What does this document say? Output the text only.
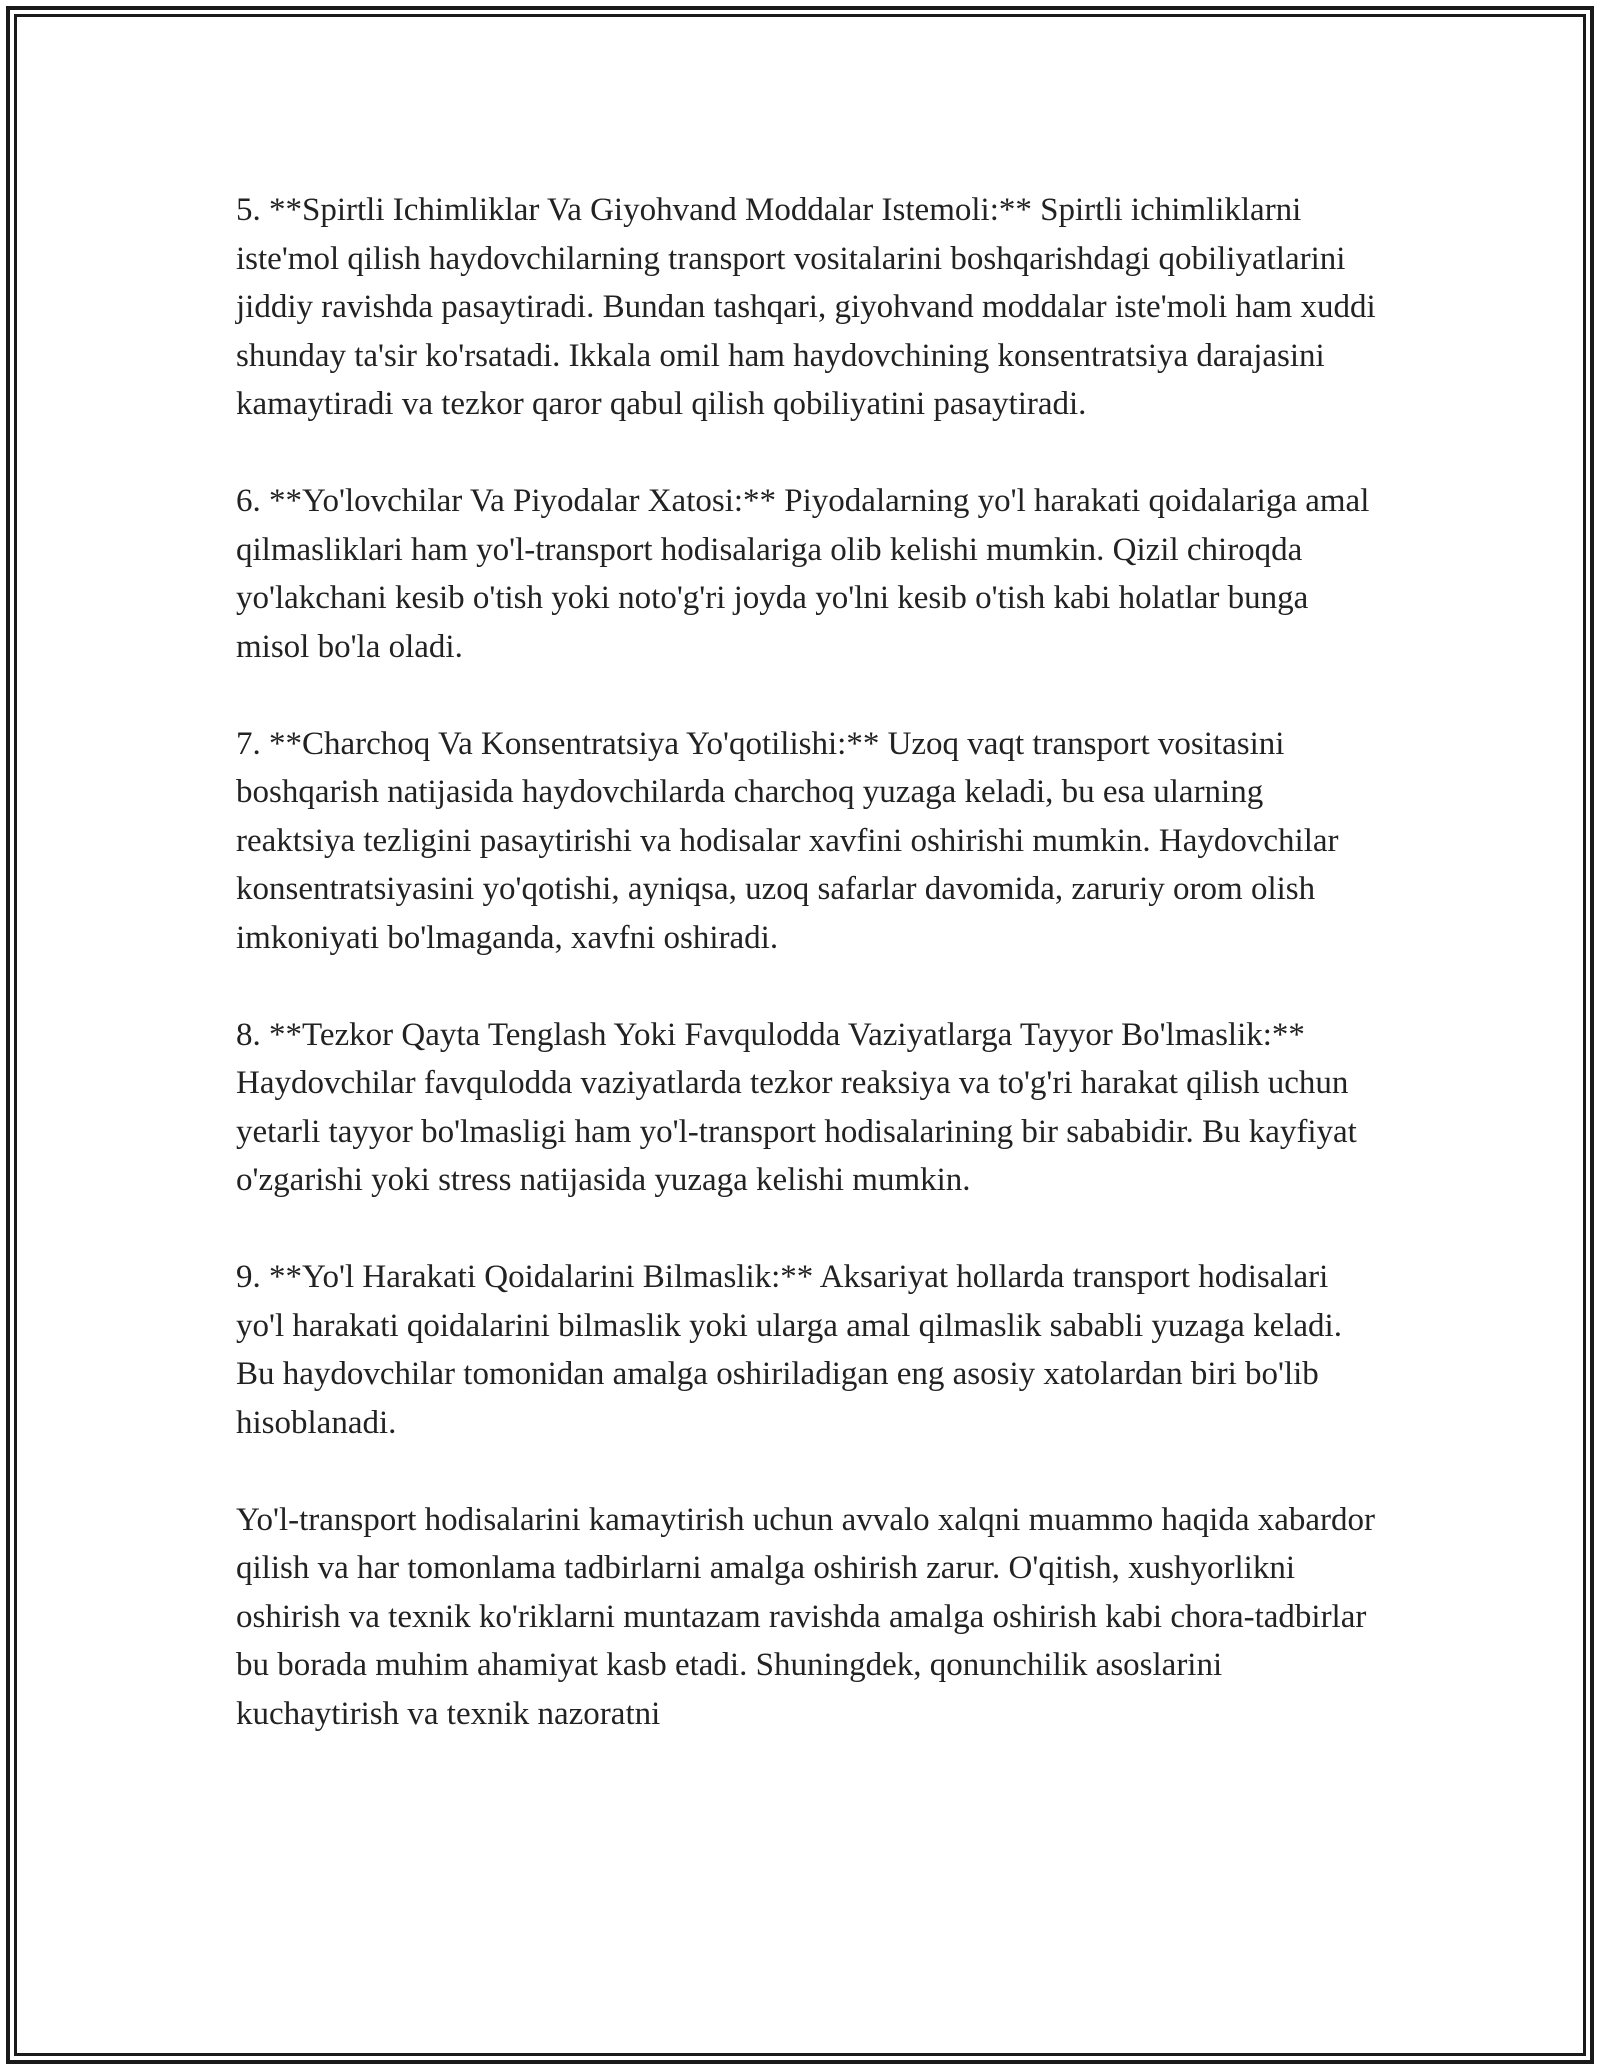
5. **Spirtli Ichimliklar Va Giyohvand Moddalar Istemoli:** Spirtli ichimliklarni iste'mol qilish haydovchilarning transport vositalarini boshqarishdagi qobiliyatlarini jiddiy ravishda pasaytiradi. Bundan tashqari, giyohvand moddalar iste'moli ham xuddi shunday ta'sir ko'rsatadi. Ikkala omil ham haydovchining konsentratsiya darajasini kamaytiradi va tezkor qaror qabul qilish qobiliyatini pasaytiradi.

6. **Yo'lovchilar Va Piyodalar Xatosi:** Piyodalarning yo'l harakati qoidalariga amal qilmasliklari ham yo'l-transport hodisalariga olib kelishi mumkin. Qizil chiroqda yo'lakchani kesib o'tish yoki noto'g'ri joyda yo'lni kesib o'tish kabi holatlar bunga misol bo'la oladi.

7. **Charchoq Va Konsentratsiya Yo'qotilishi:** Uzoq vaqt transport vositasini boshqarish natijasida haydovchilarda charchoq yuzaga keladi, bu esa ularning reaktsiya tezligini pasaytirishi va hodisalar xavfini oshirishi mumkin. Haydovchilar konsentratsiyasini yo'qotishi, ayniqsa, uzoq safarlar davomida, zaruriy orom olish imkoniyati bo'lmaganda, xavfni oshiradi.

8. **Tezkor Qayta Tenglash Yoki Favqulodda Vaziyatlarga Tayyor Bo'lmaslik:** Haydovchilar favqulodda vaziyatlarda tezkor reaksiya va to'g'ri harakat qilish uchun yetarli tayyor bo'lmasligi ham yo'l-transport hodisalarining bir sababidir. Bu kayfiyat o'zgarishi yoki stress natijasida yuzaga kelishi mumkin.

9. **Yo'l Harakati Qoidalarini Bilmaslik:** Aksariyat hollarda transport hodisalari yo'l harakati qoidalarini bilmaslik yoki ularga amal qilmaslik sababli yuzaga keladi. Bu haydovchilar tomonidan amalga oshiriladigan eng asosiy xatolardan biri bo'lib hisoblanadi.

Yo'l-transport hodisalarini kamaytirish uchun avvalo xalqni muammo haqida xabardor qilish va har tomonlama tadbirlarni amalga oshirish zarur. O'qitish, xushyorlikni oshirish va texnik ko'riklarni muntazam ravishda amalga oshirish kabi chora-tadbirlar bu borada muhim ahamiyat kasb etadi. Shuningdek, qonunchilik asoslarini kuchaytirish va texnik nazoratni
